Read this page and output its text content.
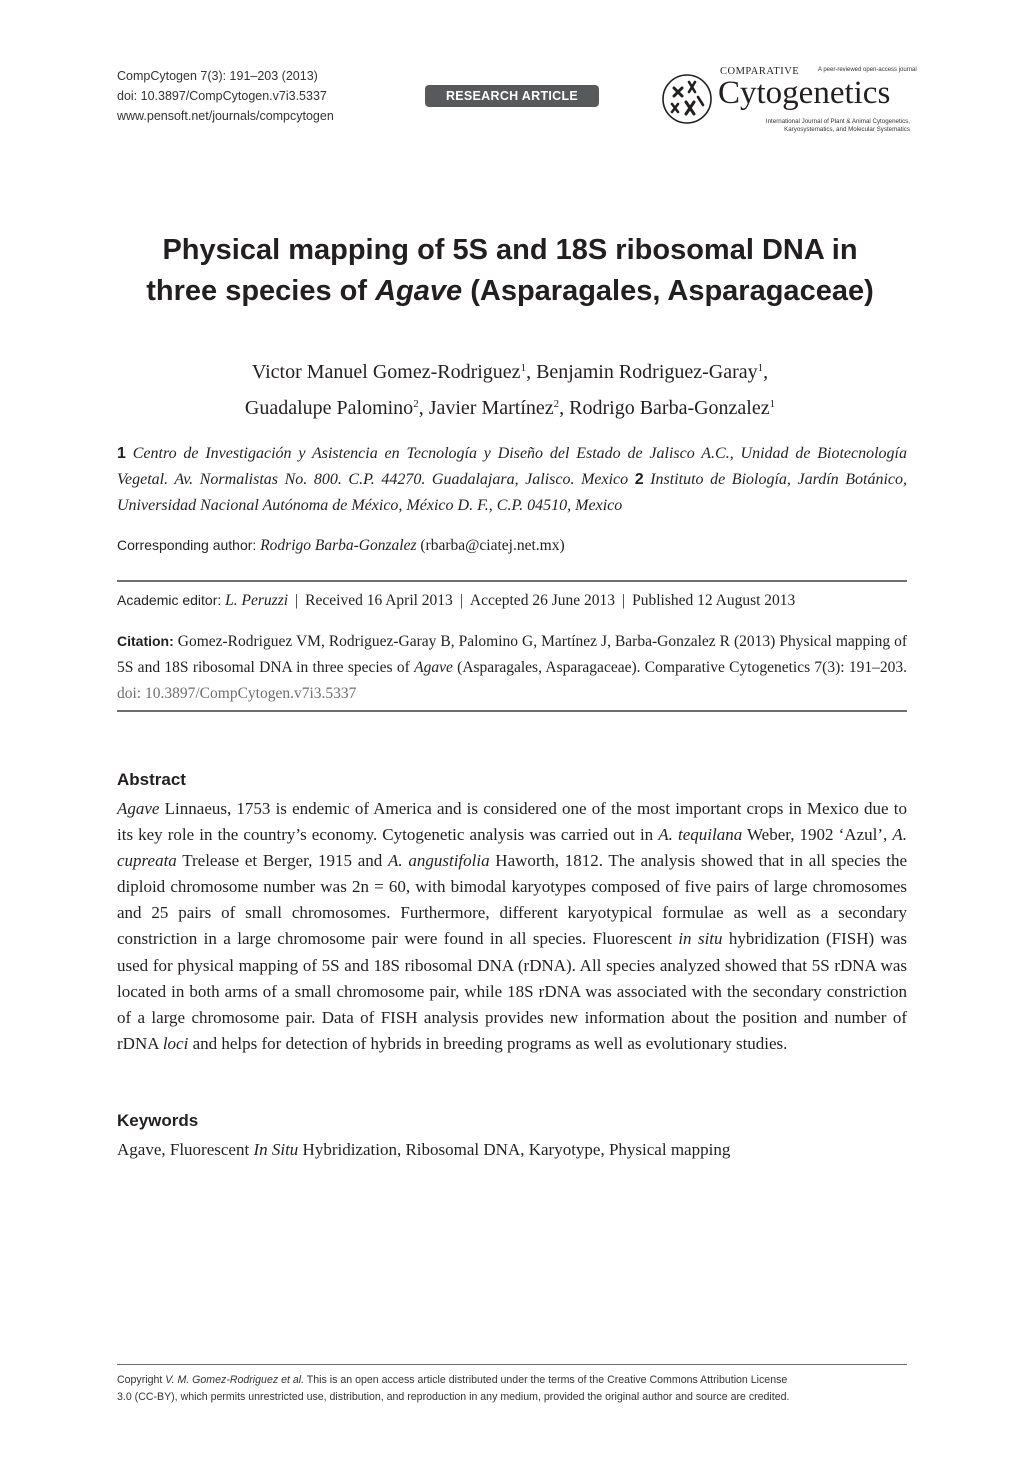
CompCytogen 7(3): 191–203 (2013)
doi: 10.3897/CompCytogen.v7i3.5337
www.pensoft.net/journals/compcytogen
RESEARCH ARTICLE
COMPARATIVE	A peer-reviewed open-access journal
Cytogenetics
International Journal of Plant & Animal Cytogenetics,
Karyosystematics, and Molecular Systematics
Physical mapping of 5S and 18S ribosomal DNA in
three species of Agave (Asparagales, Asparagaceae)
Victor Manuel Gomez-Rodriguez$^1$, Benjamin Rodriguez-Garay$^1$,
Guadalupe Palomino$^2$, Javier Martínez$^2$, Rodrigo Barba-Gonzalez$^1$
1 Centro de Investigación y Asistencia en Tecnología y Diseño del Estado de Jalisco A.C., Unidad de Biotecnología Vegetal. Av. Normalistas No. 800. C.P. 44270. Guadalajara, Jalisco. Mexico 2 Instituto de Biología, Jardín Botánico, Universidad Nacional Autónoma de México, México D. F., C.P. 04510, Mexico
Corresponding author: Rodrigo Barba-Gonzalez (rbarba@ciatej.net.mx)
Academic editor: L. Peruzzi | Received 16 April 2013 | Accepted 26 June 2013 | Published 12 August 2013
Citation: Gomez-Rodriguez VM, Rodriguez-Garay B, Palomino G, Martínez J, Barba-Gonzalez R (2013) Physical mapping of 5S and 18S ribosomal DNA in three species of Agave (Asparagales, Asparagaceae). Comparative Cytogenetics 7(3): 191–203. doi: 10.3897/CompCytogen.v7i3.5337
Abstract
Agave Linnaeus, 1753 is endemic of America and is considered one of the most important crops in Mexico due to its key role in the country’s economy. Cytogenetic analysis was carried out in A. tequilana Weber, 1902 ‘Azul’, A. cupreata Trelease et Berger, 1915 and A. angustifolia Haworth, 1812. The analysis showed that in all species the diploid chromosome number was 2n = 60, with bimodal karyotypes composed of five pairs of large chromosomes and 25 pairs of small chromosomes. Furthermore, different karyotypical formulae as well as a secondary constriction in a large chromosome pair were found in all species. Fluorescent in situ hybridization (FISH) was used for physical mapping of 5S and 18S ribosomal DNA (rDNA). All species analyzed showed that 5S rDNA was located in both arms of a small chromosome pair, while 18S rDNA was associated with the secondary constriction of a large chromosome pair. Data of FISH analysis provides new information about the position and number of rDNA loci and helps for detection of hybrids in breeding programs as well as evolutionary studies.
Keywords
Agave, Fluorescent In Situ Hybridization, Ribosomal DNA, Karyotype, Physical mapping
Copyright V. M. Gomez-Rodriguez et al. This is an open access article distributed under the terms of the Creative Commons Attribution License
3.0 (CC-BY), which permits unrestricted use, distribution, and reproduction in any medium, provided the original author and source are credited.
